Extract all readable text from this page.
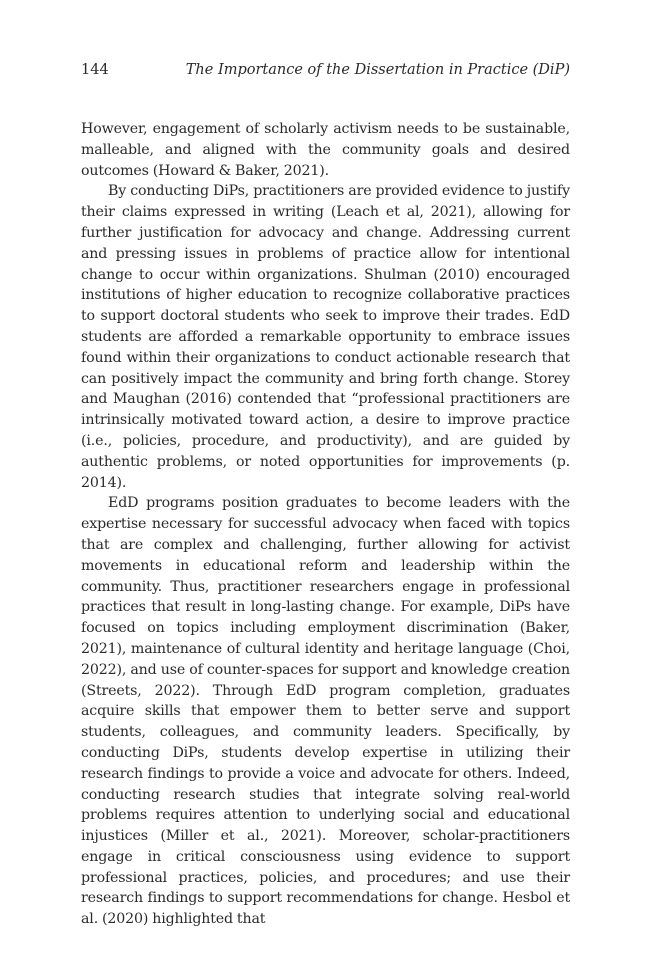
144	The Importance of the Dissertation in Practice (DiP)

However, engagement of scholarly activism needs to be sustainable, malleable, and aligned with the community goals and desired outcomes (Howard & Baker, 2021).

By conducting DiPs, practitioners are provided evidence to justify their claims expressed in writing (Leach et al, 2021), allowing for further justification for advocacy and change. Addressing current and pressing issues in problems of practice allow for intentional change to occur within organizations. Shulman (2010) encouraged institutions of higher education to recognize collaborative practices to support doctoral students who seek to improve their trades. EdD students are afforded a remarkable opportunity to embrace issues found within their organizations to conduct actionable research that can positively impact the community and bring forth change. Storey and Maughan (2016) contended that “professional practitioners are intrinsically motivated toward action, a desire to improve practice (i.e., policies, procedure, and productivity), and are guided by authentic problems, or noted opportunities for improvements (p. 2014).

EdD programs position graduates to become leaders with the expertise necessary for successful advocacy when faced with topics that are complex and challenging, further allowing for activist movements in educational reform and leadership within the community. Thus, practitioner researchers engage in professional practices that result in long-lasting change. For example, DiPs have focused on topics including employment discrimination (Baker, 2021), maintenance of cultural identity and heritage language (Choi, 2022), and use of counter-spaces for support and knowledge creation (Streets, 2022). Through EdD program completion, graduates acquire skills that empower them to better serve and support students, colleagues, and community leaders. Specifically, by conducting DiPs, students develop expertise in utilizing their research findings to provide a voice and advocate for others. Indeed, conducting research studies that integrate solving real-world problems requires attention to underlying social and educational injustices (Miller et al., 2021). Moreover, scholar-practitioners engage in critical consciousness using evidence to support professional practices, policies, and procedures; and use their research findings to support recommendations for change. Hesbol et al. (2020) highlighted that
